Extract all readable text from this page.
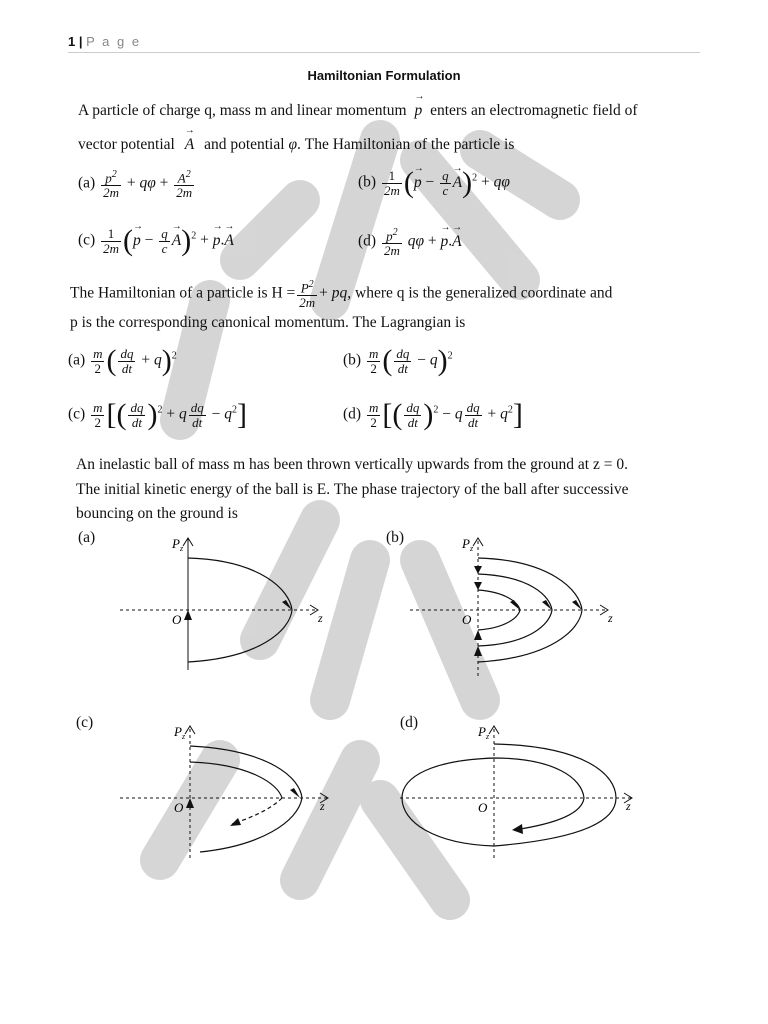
1 | P a g e
Hamiltonian Formulation
A particle of charge q, mass m and linear momentum → p enters an electromagnetic field of
vector potential → A and potential φ. The Hamiltonian of the particle is
$(a) \frac{p^2}{2m} + q\varphi + \frac{A^2}{2m}$	$(b) \frac{1}{2m}$ (→ $p - \frac{q}{c}$
→ A)$^2$ + qφ
$(c) \frac{1}{2m}$ (→ $p - \frac{q}{c}$
→ A)$^2$ + → p.→ A	$(d) \frac{p^2}{2m}$ qφ + → p.→ A
The Hamiltonian of a particle is $H = \frac{P^2}{2m}$ + pq, where q is the generalized coordinate and
p is the corresponding canonical momentum. The Lagrangian is
$(a) \frac{m}{2}$ ( $\frac{dq}{dt} + q)^2$	$(b) \frac{m}{2}$ ( $\frac{dq}{dt} - q)^2$
$(c) \frac{m}{2}$ [( $\frac{dq}{dt} )^2 + q \frac{dq}{dt} - q^2$]	$(d) \frac{m}{2}$ [( $\frac{dq}{dt} )^2 - q \frac{dq}{dt} + q^2$]
An inelastic ball of mass m has been thrown vertically upwards from the ground at z = 0.
The initial kinetic energy of the ball is E. The phase trajectory of the ball after successive
bouncing on the ground is
(a)	(b)
(c)	(d)
P z
O	z
P z
O	z
P z
O	z
P z
O	z
